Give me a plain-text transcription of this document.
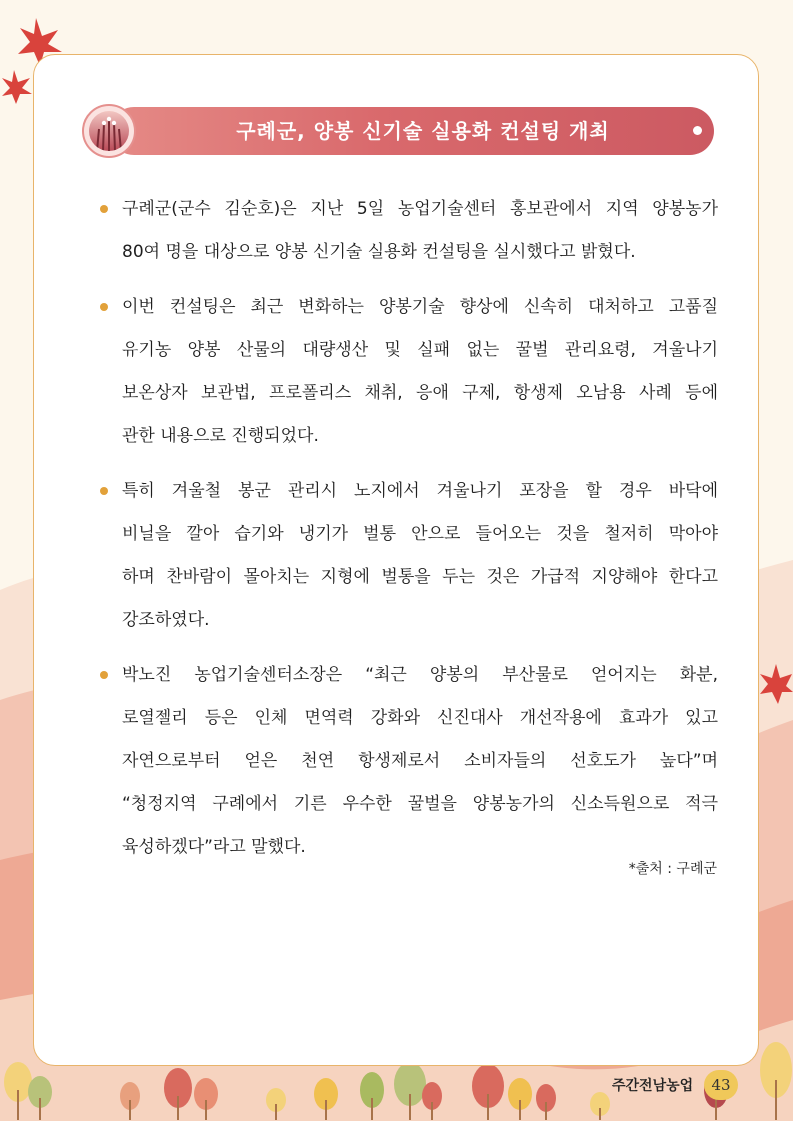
구례군, 양봉 신기술 실용화 컨설팅 개최
구례군(군수 김순호)은 지난 5일 농업기술센터 홍보관에서 지역 양봉농가
80여 명을 대상으로 양봉 신기술 실용화 컨설팅을 실시했다고 밝혔다.
이번 컨설팅은 최근 변화하는 양봉기술 향상에 신속히 대처하고 고품질
유기농 양봉 산물의 대량생산 및 실패 없는 꿀벌 관리요령, 겨울나기
보온상자 보관법, 프로폴리스 채취, 응애 구제, 항생제 오남용 사례 등에
관한 내용으로 진행되었다.
특히 겨울철 봉군 관리시 노지에서 겨울나기 포장을 할 경우 바닥에
비닐을 깔아 습기와 냉기가 벌통 안으로 들어오는 것을 철저히 막아야
하며 찬바람이 몰아치는 지형에 벌통을 두는 것은 가급적 지양해야 한다고
강조하였다.
박노진 농업기술센터소장은 “최근 양봉의 부산물로 얻어지는 화분,
로열젤리 등은 인체 면역력 강화와 신진대사 개선작용에 효과가 있고
자연으로부터 얻은 천연 항생제로서 소비자들의 선호도가 높다”며
“청정지역 구례에서 기른 우수한 꿀벌을 양봉농가의 신소득원으로 적극
육성하겠다”라고 말했다.
*출처 : 구례군
주간전남농업	43
